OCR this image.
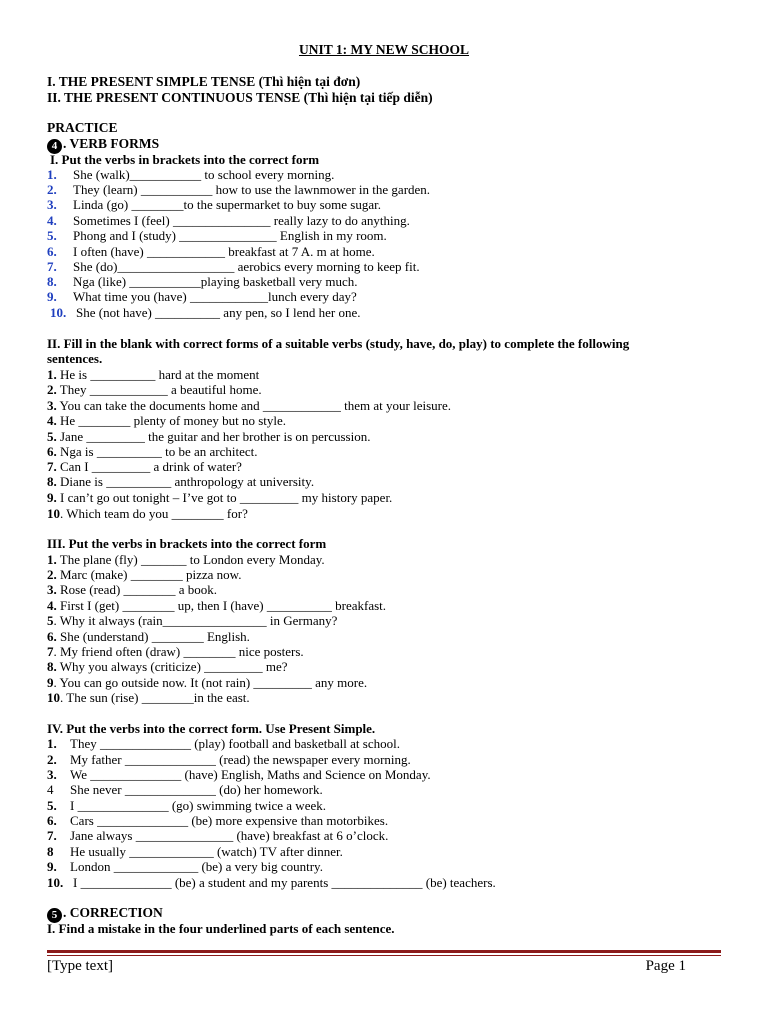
UNIT 1: MY NEW SCHOOL
I. THE PRESENT SIMPLE TENSE (Thì hiện tại đơn)
II. THE PRESENT CONTINUOUS TENSE (Thì hiện tại tiếp diễn)
PRACTICE
4 . VERB FORMS
I. Put the verbs in brackets into the correct form
1. She (walk)___________ to school every morning.
2. They (learn) ___________ how to use the lawnmower in the garden.
3. Linda (go) ________to the supermarket to buy some sugar.
4. Sometimes I (feel) _______________ really lazy to do anything.
5. Phong and I (study) _______________ English in my room.
6. I often (have) ____________ breakfast at 7 A. m at home.
7. She (do)__________________ aerobics every morning to keep fit.
8. Nga (like) ___________playing basketball very much.
9. What time you (have) ____________lunch every day?
10. She (not have) __________ any pen, so I lend her one.
II. Fill in the blank with correct forms of a suitable verbs (study, have, do, play) to complete the following
sentences.
1. He is __________ hard at the moment
2. They ____________ a beautiful home.
3. You can take the documents home and ____________ them at your leisure.
4. He ________ plenty of money but no style.
5. Jane _________ the guitar and her brother is on percussion.
6. Nga is __________ to be an architect.
7. Can I _________ a drink of water?
8. Diane is __________ anthropology at university.
9. I can’t go out tonight – I’ve got to _________ my history paper.
10. Which team do you ________ for?
III. Put the verbs in brackets into the correct form
1. The plane (fly) _______ to London every Monday.
2. Marc (make) ________ pizza now.
3. Rose (read) ________ a book.
4. First I (get) ________ up, then I (have) __________ breakfast.
5. Why it always (rain________________ in Germany?
6. She (understand) ________ English.
7. My friend often (draw) ________ nice posters.
8. Why you always (criticize) _________ me?
9. You can go outside now. It (not rain) _________ any more.
10. The sun (rise) ________in the east.
IV. Put the verbs into the correct form. Use Present Simple.
1. They ______________ (play) football and basketball at school.
2. My father ______________ (read) the newspaper every morning.
3. We ______________ (have) English, Maths and Science on Monday.
4 She never ______________ (do) her homework.
5. I ______________ (go) swimming twice a week.
6. Cars ______________ (be) more expensive than motorbikes.
7. Jane always _______________ (have) breakfast at 6 o’clock.
8 He usually _____________ (watch) TV after dinner.
9. London _____________ (be) a very big country.
10. I ______________ (be) a student and my parents ______________ (be) teachers.
5 . CORRECTION
I. Find a mistake in the four underlined parts of each sentence.
[Type text]	Page 1
